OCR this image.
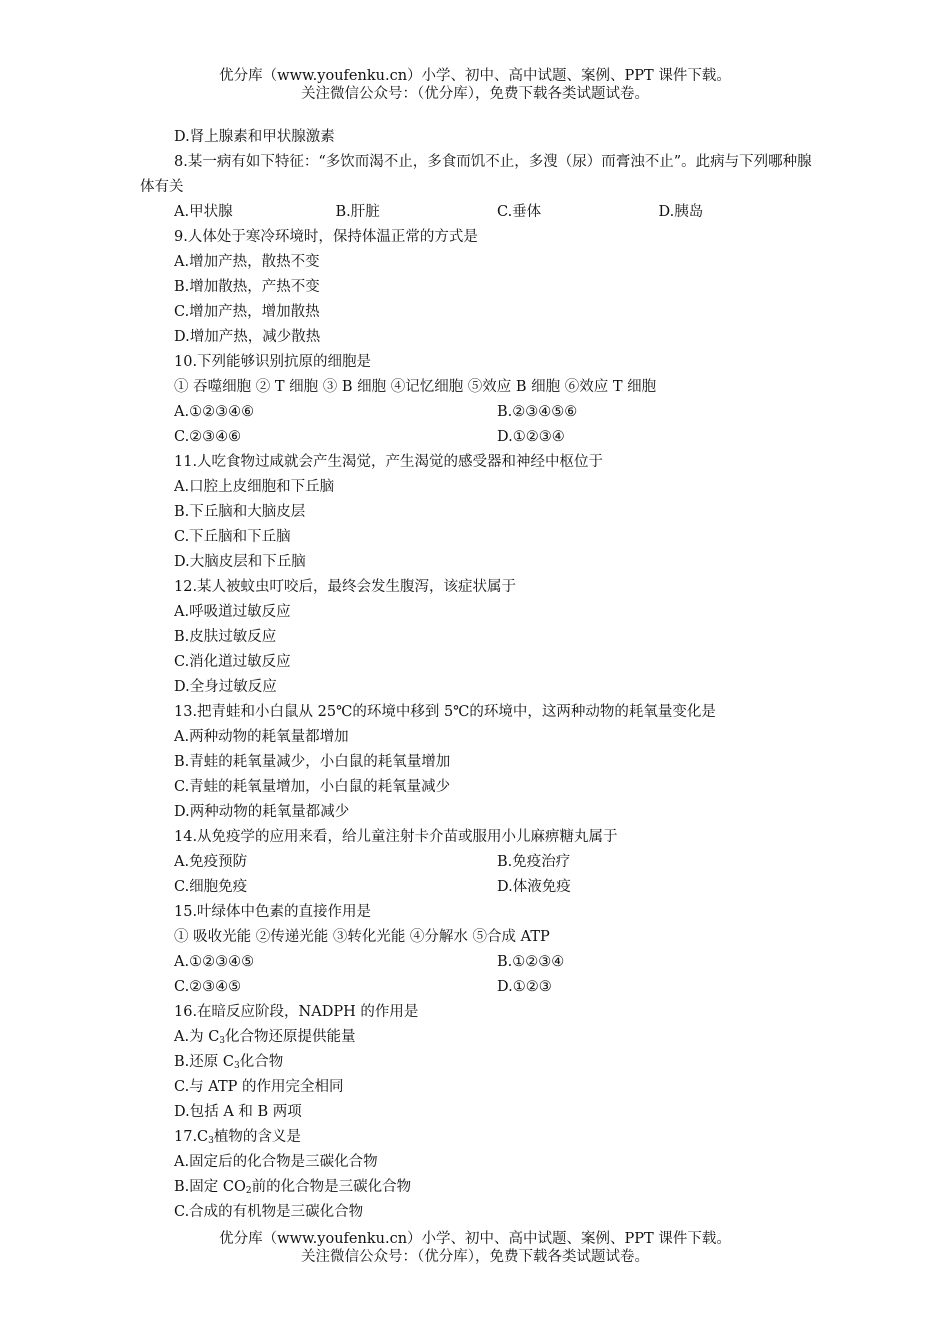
优分库（www.youfenku.cn）小学、初中、高中试题、案例、PPT 课件下载。
关注微信公众号：（优分库），免费下载各类试题试卷。
D.肾上腺素和甲状腺激素
8.某一病有如下特征：“多饮而渴不止，多食而饥不止，多溲（尿）而膏浊不止”。此病与下列哪种腺体有关
A.甲状腺	B.肝脏	C.垂体	D.胰岛
9.人体处于寒冷环境时，保持体温正常的方式是
A.增加产热，散热不变
B.增加散热，产热不变
C.增加产热，增加散热
D.增加产热，减少散热
10.下列能够识别抗原的细胞是
① 吞噬细胞 ② T 细胞 ③ B 细胞 ④记忆细胞 ⑤效应 B 细胞 ⑥效应 T 细胞
A.①②③④⑥	B.②③④⑤⑥
C.②③④⑥	D.①②③④
11.人吃食物过咸就会产生渴觉，产生渴觉的感受器和神经中枢位于
A.口腔上皮细胞和下丘脑
B.下丘脑和大脑皮层
C.下丘脑和下丘脑
D.大脑皮层和下丘脑
12.某人被蚊虫叮咬后，最终会发生腹泻，该症状属于
A.呼吸道过敏反应
B.皮肤过敏反应
C.消化道过敏反应
D.全身过敏反应
13.把青蛙和小白鼠从 25℃的环境中移到 5℃的环境中，这两种动物的耗氧量变化是
A.两种动物的耗氧量都增加
B.青蛙的耗氧量减少，小白鼠的耗氧量增加
C.青蛙的耗氧量增加，小白鼠的耗氧量减少
D.两种动物的耗氧量都减少
14.从免疫学的应用来看，给儿童注射卡介苗或服用小儿麻痹糖丸属于
A.免疫预防	B.免疫治疗
C.细胞免疫	D.体液免疫
15.叶绿体中色素的直接作用是
① 吸收光能 ②传递光能 ③转化光能 ④分解水 ⑤合成 ATP
A.①②③④⑤	B.①②③④
C.②③④⑤	D.①②③
16.在暗反应阶段，NADPH 的作用是
A.为 $C_3$化合物还原提供能量
B.还原 $C_3$化合物
C.与 ATP 的作用完全相同
D.包括 A 和 B 两项
$17.C_3$植物的含义是
A.固定后的化合物是三碳化合物
B.固定 $CO_2$前的化合物是三碳化合物
C.合成的有机物是三碳化合物
优分库（www.youfenku.cn）小学、初中、高中试题、案例、PPT 课件下载。
关注微信公众号：（优分库），免费下载各类试题试卷。
